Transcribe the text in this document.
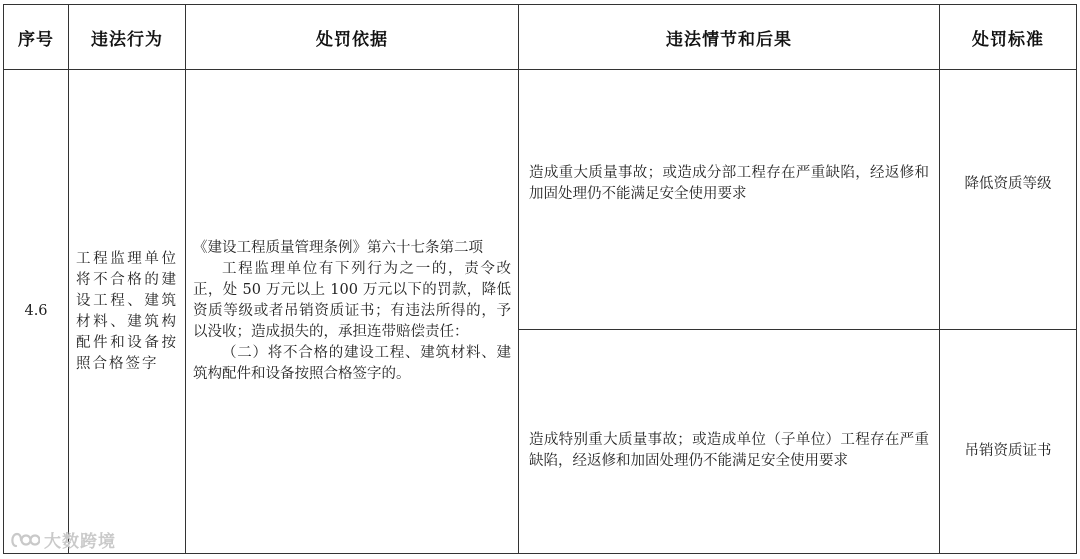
序号	违法行为	处罚依据	违法情节和后果	处罚标准
4.6	工程监理单位将不合格的建设工程、建筑材料、建筑构配件和设备按照合格签字	《建设工程质量管理条例》第六十七条第二项
工程监理单位有下列行为之一的，责令改正，处 50 万元以上 100 万元以下的罚款，降低资质等级或者吊销资质证书；有违法所得的，予以没收；造成损失的，承担连带赔偿责任：
（二）将不合格的建设工程、建筑材料、建筑构配件和设备按照合格签字的。	造成重大质量事故；或造成分部工程存在严重缺陷，经返修和加固处理仍不能满足安全使用要求	降低资质等级
			造成特别重大质量事故；或造成单位（子单位）工程存在严重缺陷，经返修和加固处理仍不能满足安全使用要求	吊销资质证书
大数跨境
